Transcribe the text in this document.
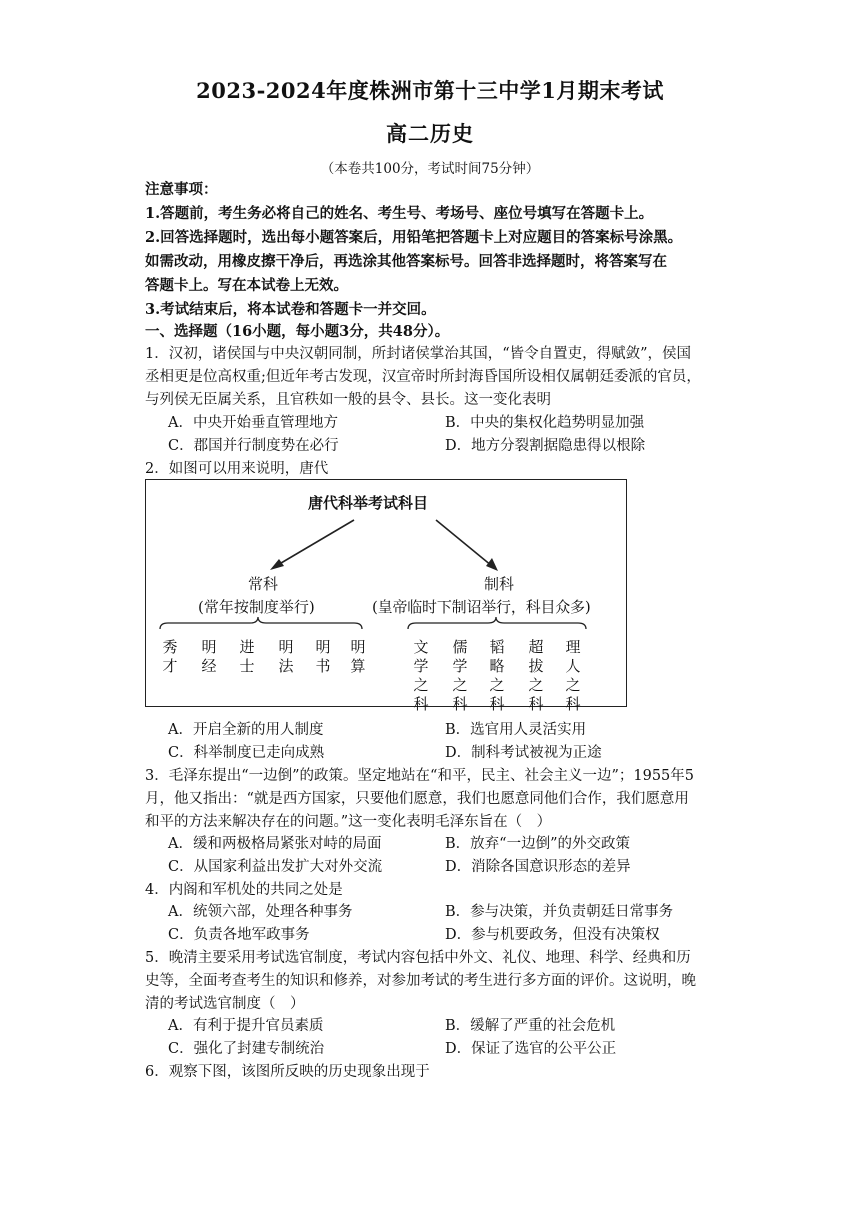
2023-2024年度株洲市第十三中学1月期末考试
高二历史
（本卷共100分，考试时间75分钟）
注意事项：
1.答题前，考生务必将自己的姓名、考生号、考场号、座位号填写在答题卡上。
2.回答选择题时，选出每小题答案后，用铅笔把答题卡上对应题目的答案标号涂黑。
如需改动，用橡皮擦干净后，再选涂其他答案标号。回答非选择题时，将答案写在
答题卡上。写在本试卷上无效。
3.考试结束后，将本试卷和答题卡一并交回。
一、选择题（16小题，每小题3分，共48分）。
1．汉初，诸侯国与中央汉朝同制，所封诸侯掌治其国，“皆令自置吏，得赋敛”，侯国
丞相更是位高权重;但近年考古发现，汉宣帝时所封海昏国所设相仅属朝廷委派的官员，
与列侯无臣属关系，且官秩如一般的县令、县长。这一变化表明
A．中央开始垂直管理地方	B．中央的集权化趋势明显加强
C．郡国并行制度势在必行	D．地方分裂割据隐患得以根除
2．如图可以用来说明，唐代
唐代科举考试科目
常科
(常年按制度举行)
制科
(皇帝临时下制诏举行，科目众多)
秀才
明经
进士
明法
明书
明算
文学之科
儒学之科
韬略之科
超拔之科
理人之科
A．开启全新的用人制度	B．选官用人灵活实用
C．科举制度已走向成熟	D．制科考试被视为正途
3．毛泽东提出“一边倒”的政策。坚定地站在“和平，民主、社会主义一边”；1955年5
月，他又指出：“就是西方国家，只要他们愿意，我们也愿意同他们合作，我们愿意用
和平的方法来解决存在的问题。”这一变化表明毛泽东旨在（　）
A．缓和两极格局紧张对峙的局面	B．放弃“一边倒”的外交政策
C．从国家利益出发扩大对外交流	D．消除各国意识形态的差异
4．内阁和军机处的共同之处是
A．统领六部，处理各种事务	B．参与决策，并负责朝廷日常事务
C．负责各地军政事务	D．参与机要政务，但没有决策权
5．晚清主要采用考试选官制度，考试内容包括中外文、礼仪、地理、科学、经典和历
史等，全面考查考生的知识和修养，对参加考试的考生进行多方面的评价。这说明，晚
清的考试选官制度（　）
A．有利于提升官员素质	B．缓解了严重的社会危机
C．强化了封建专制统治	D．保证了选官的公平公正
6．观察下图，该图所反映的历史现象出现于
